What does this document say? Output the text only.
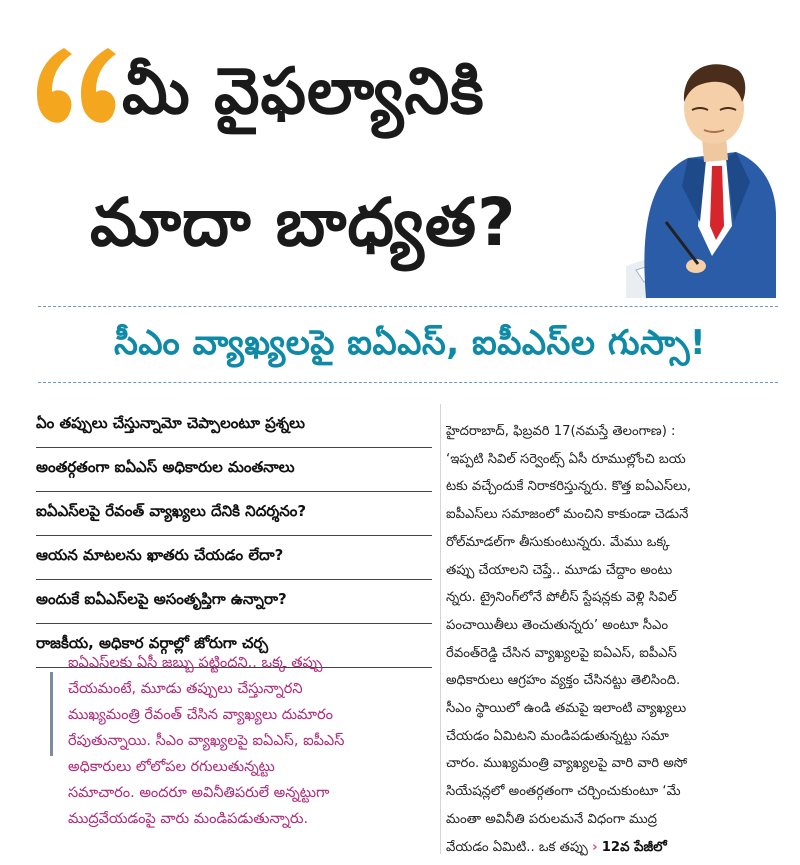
మీ వైఫల్యానికి
మాదా బాధ్యత?
సీఎం వ్యాఖ్యలపై ఐఏఎస్, ఐపీఎస్‌ల గుస్సా!
ఏం తప్పులు చేస్తున్నామో చెప్పాలంటూ ప్రశ్నలు
అంతర్గతంగా ఐఏఎస్ అధికారుల మంతనాలు
ఐఏఎస్‌లపై రేవంత్ వ్యాఖ్యలు దేనికి నిదర్శనం?
ఆయన మాటలను ఖాతరు చేయడం లేదా?
అందుకే ఐఏఎస్‌లపై అసంతృప్తిగా ఉన్నారా?
రాజకీయ, అధికార వర్గాల్లో జోరుగా చర్చ

ఐఏఎస్‌లకు ఏసీ జబ్బు పట్టిందని.. ఒక్క తప్పు
చేయమంటే, మూడు తప్పులు చేస్తున్నారని
ముఖ్యమంత్రి రేవంత్ చేసిన వ్యాఖ్యలు దుమారం
రేపుతున్నాయి. సీఎం వ్యాఖ్యలపై ఐఏఎస్, ఐపీఎస్
అధికారులు లోలోపల రగులుతున్నట్టు
సమాచారం. అందరూ అవినీతిపరులే అన్నట్టుగా
ముద్రవేయడంపై వారు మండిపడుతున్నారు.

హైదరాబాద్, ఫిబ్రవరి 17(నమస్తే తెలంగాణ) :
‘ఇప్పటి సివిల్ సర్వెంట్స్ ఏసీ రూముల్లోంచి బయ
టకు వచ్చేందుకే నిరాకరిస్తున్నరు. కొత్త ఐఏఎస్‌లు,
ఐపీఎస్‌లు సమాజంలో మంచిని కాకుండా చెడునే
రోల్‌మాడల్‌గా తీసుకుంటున్నరు. మేము ఒక్క
తప్పు చేయాలని చెప్తే.. మూడు చేద్దాం అంటు
న్నరు. ట్రైనింగ్‌లోనే పోలీస్ స్టేషన్లకు వెళ్లి సివిల్
పంచాయితీలు తెంచుతున్నరు’ అంటూ సీఎం
రేవంత్‌రెడ్డి చేసిన వ్యాఖ్యలపై ఐఏఎస్, ఐపీఎస్
అధికారులు ఆగ్రహం వ్యక్తం చేసినట్టు తెలిసింది.
సీఎం స్థాయిలో ఉండి తమపై ఇలాంటి వ్యాఖ్యలు
చేయడం ఏమిటని మండిపడుతున్నట్టు సమా
చారం. ముఖ్యమంత్రి వ్యాఖ్యలపై వారి వారి అసో
సియేషన్లలో అంతర్గతంగా చర్చించుకుంటూ ‘మే
మంతా అవినీతి పరులమనే విధంగా ముద్ర
వేయడం ఏమిటి.. ఒక తప్పు › 12వ పేజీలో
